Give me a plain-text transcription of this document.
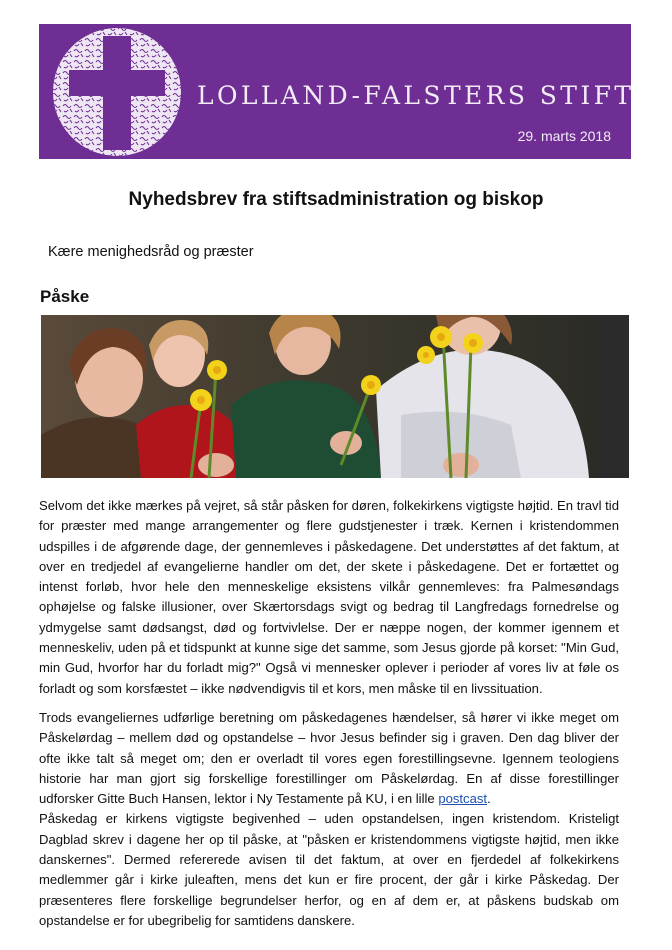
LOLLAND-FALSTERS STIFT
29. marts 2018
Nyhedsbrev fra stiftsadministration og biskop
Kære menighedsråd og præster
Påske

Selvom det ikke mærkes på vejret, så står påsken for døren, folkekirkens vigtigste højtid. En travl tid for præster med mange arrangementer og flere gudstjenester i træk. Kernen i kristendommen udspilles i de afgørende dage, der gennemleves i påskedagene. Det understøttes af det faktum, at over en tredjedel af evangelierne handler om det, der skete i påskedagene. Det er fortættet og intenst forløb, hvor hele den menneskelige eksistens vilkår gennemleves: fra Palmesøndags ophøjelse og falske illusioner, over Skærtorsdags svigt og bedrag til Langfredags fornedrelse og ydmygelse samt dødsangst, død og fortvivlelse. Der er næppe nogen, der kommer igennem et menneskeliv, uden på et tidspunkt at kunne sige det samme, som Jesus gjorde på korset: "Min Gud, min Gud, hvorfor har du forladt mig?" Også vi mennesker oplever i perioder af vores liv at føle os forladt og som korsfæstet – ikke nødvendigvis til et kors, men måske til en livssituation.

Trods evangeliernes udførlige beretning om påskedagenes hændelser, så hører vi ikke meget om Påskelørdag – mellem død og opstandelse – hvor Jesus befinder sig i graven. Den dag bliver der ofte ikke talt så meget om; den er overladt til vores egen forestillingsevne. Igennem teologiens historie har man gjort sig forskellige forestillinger om Påskelørdag. En af disse forestillinger udforsker Gitte Buch Hansen, lektor i Ny Testamente på KU, i en lille postcast.

Påskedag er kirkens vigtigste begivenhed – uden opstandelsen, ingen kristendom. Kristeligt Dagblad skrev i dagene her op til påske, at "påsken er kristendommens vigtigste højtid, men ikke danskernes". Dermed refererede avisen til det faktum, at over en fjerdedel af folkekirkens medlemmer går i kirke juleaften, mens det kun er fire procent, der går i kirke Påskedag. Der præsenteres flere forskellige begrundelser herfor, og en af dem er, at påskens budskab om opstandelse er for ubegribelig for samtidens danskere.
